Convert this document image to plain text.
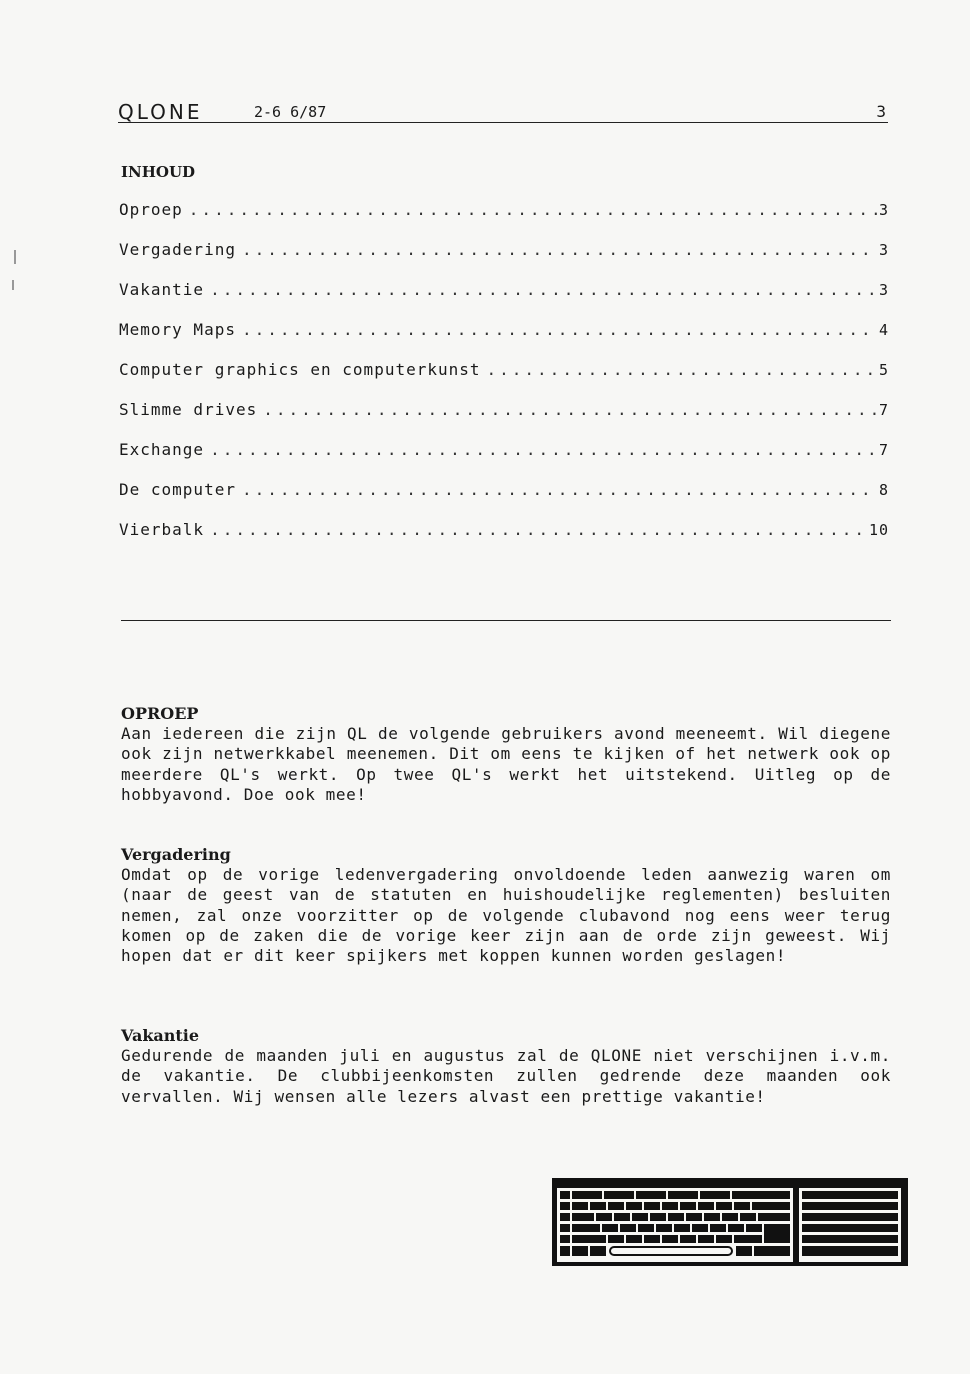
QLONE	2-6 6/87	3
INHOUD
Oproep .....	3
Vergadering .....	3
Vakantie .....	3
Memory Maps .....	4
Computer graphics en computerkunst .....	5
Slimme drives .....	7
Exchange .....	7
De computer .....	8
Vierbalk .....	10
OPROEP
Aan iedereen die zijn QL de volgende gebruikers avond meeneemt. Wil diegene ook zijn netwerkkabel meenemen. Dit om eens te kijken of het netwerk ook op meerdere QL's werkt. Op twee QL's werkt het uitstekend. Uitleg op de hobbyavond. Doe ook mee!
Vergadering
Omdat op de vorige ledenvergadering onvoldoende leden aanwezig waren om (naar de geest van de statuten en huishoudelijke reglementen) besluiten nemen, zal onze voorzitter op de volgende clubavond nog eens weer terug komen op de zaken die de vorige keer zijn aan de orde zijn geweest. Wij hopen dat er dit keer spijkers met koppen kunnen worden geslagen!
Vakantie
Gedurende de maanden juli en augustus zal de QLONE niet verschijnen i.v.m. de vakantie. De clubbijeenkomsten zullen gedrende deze maanden ook vervallen. Wij wensen alle lezers alvast een prettige vakantie!
